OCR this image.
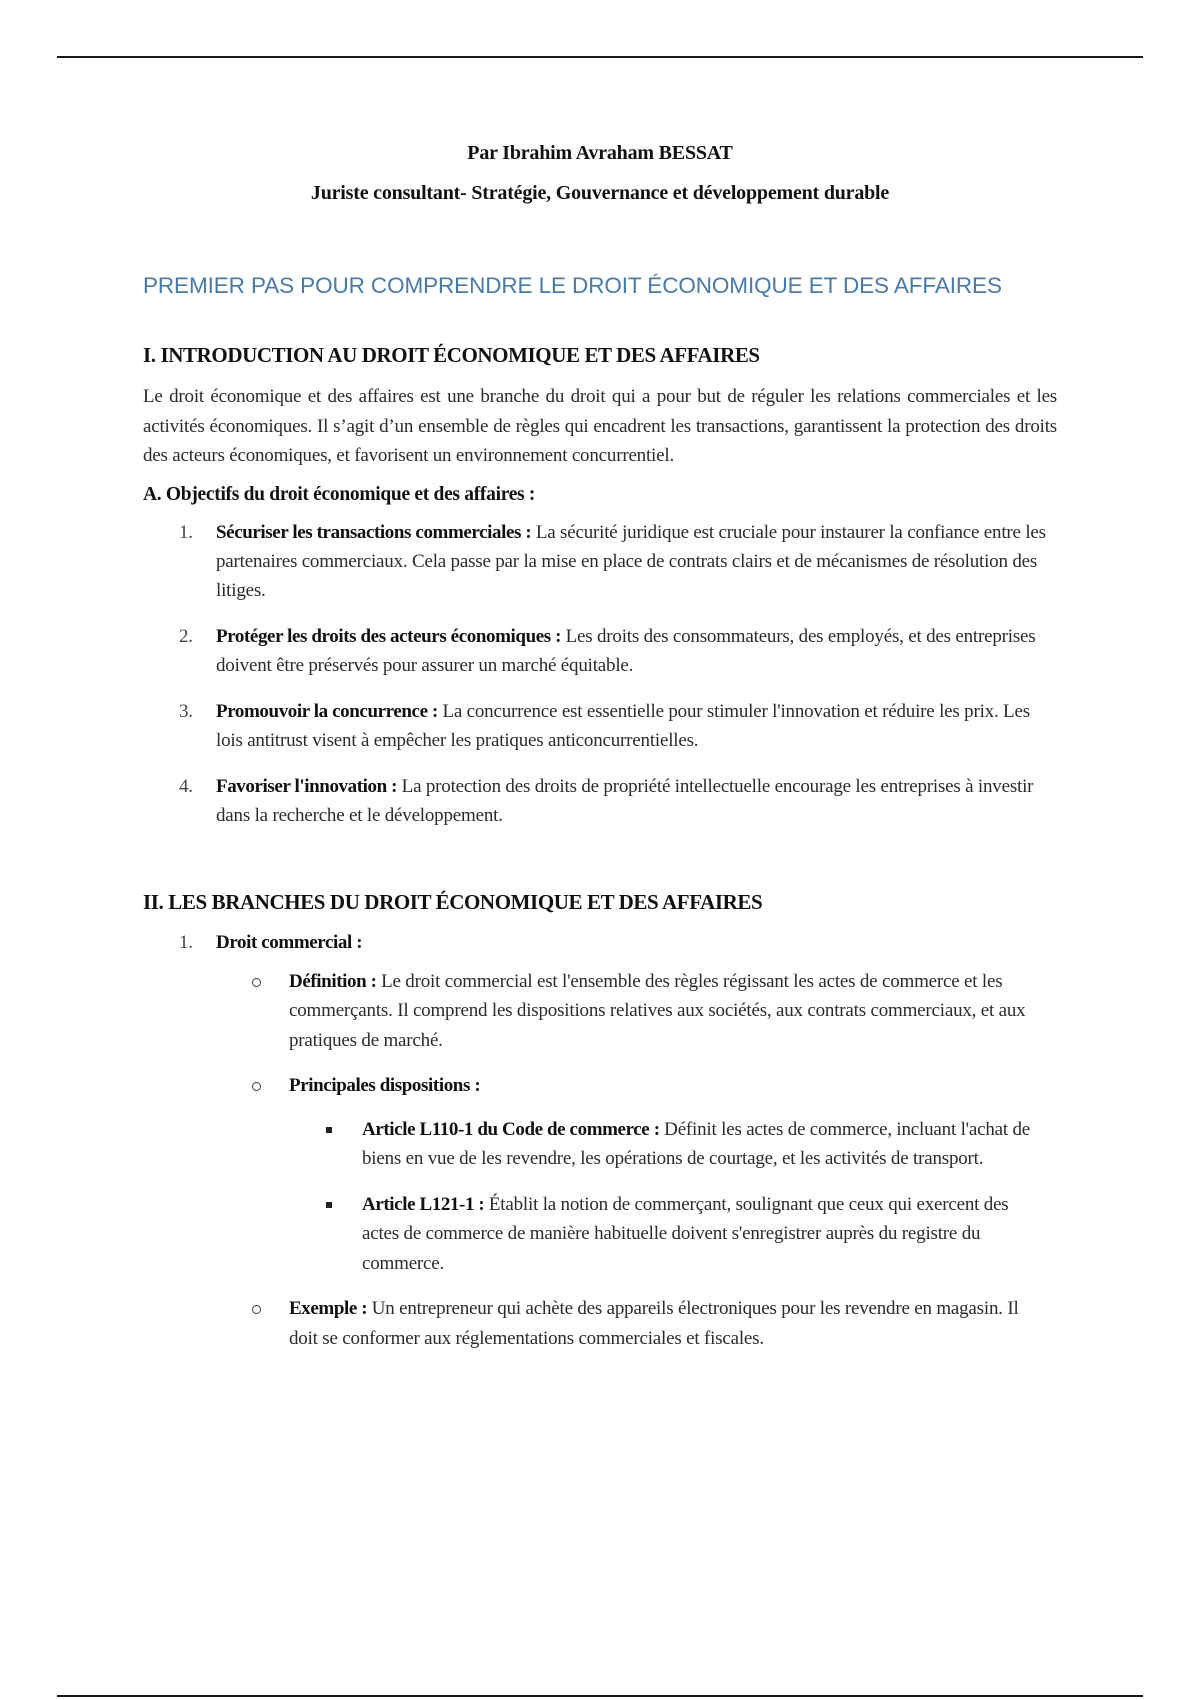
Par Ibrahim Avraham BESSAT

Juriste consultant- Stratégie, Gouvernance et développement durable

PREMIER PAS POUR COMPRENDRE LE DROIT ÉCONOMIQUE ET DES AFFAIRES
I. INTRODUCTION AU DROIT ÉCONOMIQUE ET DES AFFAIRES

Le droit économique et des affaires est une branche du droit qui a pour but de réguler les relations commerciales et les activités économiques. Il s’agit d’un ensemble de règles qui encadrent les transactions, garantissent la protection des droits des acteurs économiques, et favorisent un environnement concurrentiel.

A. Objectifs du droit économique et des affaires :
1. Sécuriser les transactions commerciales : La sécurité juridique est cruciale pour instaurer la confiance entre les partenaires commerciaux. Cela passe par la mise en place de contrats clairs et de mécanismes de résolution des litiges.
2. Protéger les droits des acteurs économiques : Les droits des consommateurs, des employés, et des entreprises doivent être préservés pour assurer un marché équitable.
3. Promouvoir la concurrence : La concurrence est essentielle pour stimuler l'innovation et réduire les prix. Les lois antitrust visent à empêcher les pratiques anticoncurrentielles.
4. Favoriser l'innovation : La protection des droits de propriété intellectuelle encourage les entreprises à investir dans la recherche et le développement.
II. LES BRANCHES DU DROIT ÉCONOMIQUE ET DES AFFAIRES
1. Droit commercial :
Définition : Le droit commercial est l'ensemble des règles régissant les actes de commerce et les commerçants. Il comprend les dispositions relatives aux sociétés, aux contrats commerciaux, et aux pratiques de marché.
Principales dispositions :
Article L110-1 du Code de commerce : Définit les actes de commerce, incluant l'achat de biens en vue de les revendre, les opérations de courtage, et les activités de transport.
Article L121-1 : Établit la notion de commerçant, soulignant que ceux qui exercent des actes de commerce de manière habituelle doivent s'enregistrer auprès du registre du commerce.
Exemple : Un entrepreneur qui achète des appareils électroniques pour les revendre en magasin. Il doit se conformer aux réglementations commerciales et fiscales.
